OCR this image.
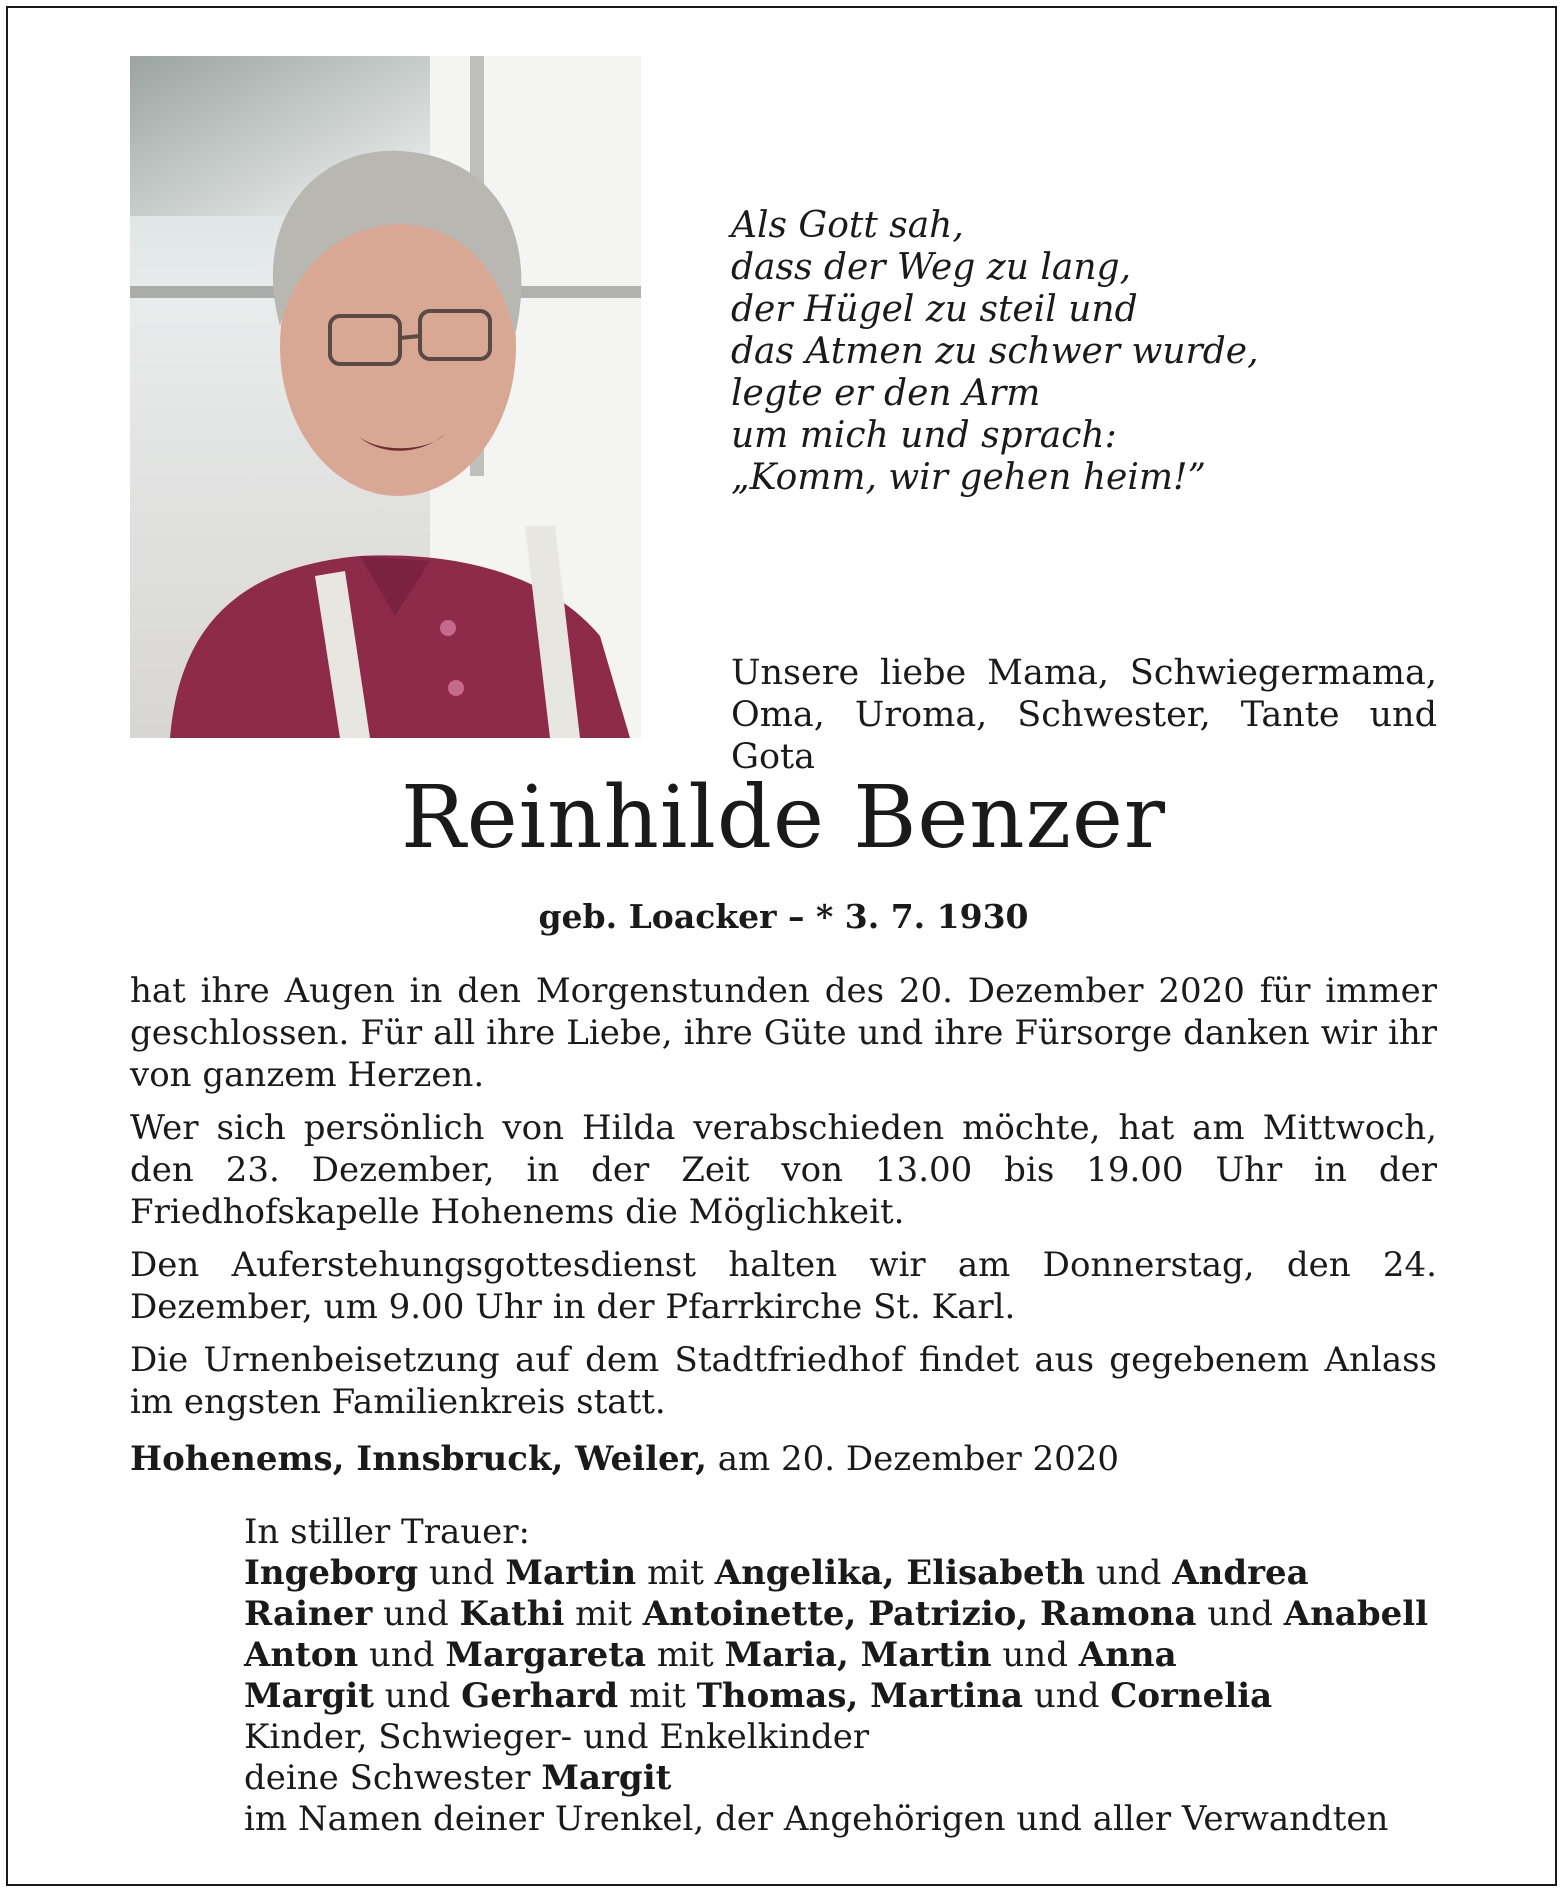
Als Gott sah,
dass der Weg zu lang,
der Hügel zu steil und
das Atmen zu schwer wurde,
legte er den Arm
um mich und sprach:
„Komm, wir gehen heim!”
Unsere liebe Mama, Schwiegermama,
Oma, Uroma, Schwester, Tante und Gota
Reinhilde Benzer
geb. Loacker – * 3. 7. 1930

hat ihre Augen in den Morgenstunden des 20. Dezember 2020 für immer geschlossen. Für all ihre Liebe, ihre Güte und ihre Fürsorge danken wir ihr von ganzem Herzen.

Wer sich persönlich von Hilda verabschieden möchte, hat am Mittwoch, den 23. Dezember, in der Zeit von 13.00 bis 19.00 Uhr in der Friedhofskapelle Hohenems die Möglichkeit.

Den Auferstehungsgottesdienst halten wir am Donnerstag, den 24. Dezember, um 9.00 Uhr in der Pfarrkirche St. Karl.

Die Urnenbeisetzung auf dem Stadtfriedhof findet aus gegebenem Anlass im engsten Familienkreis statt.

Hohenems, Innsbruck, Weiler, am 20. Dezember 2020
In stiller Trauer:
Ingeborg und Martin mit Angelika, Elisabeth und Andrea
Rainer und Kathi mit Antoinette, Patrizio, Ramona und Anabell
Anton und Margareta mit Maria, Martin und Anna
Margit und Gerhard mit Thomas, Martina und Cornelia
Kinder, Schwieger- und Enkelkinder
deine Schwester Margit
im Namen deiner Urenkel, der Angehörigen und aller Verwandten
